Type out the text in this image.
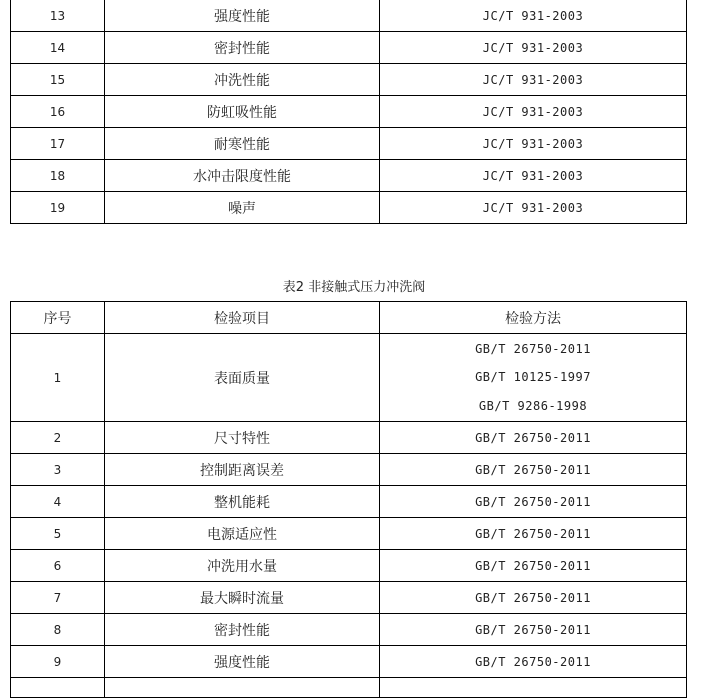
13	强度性能	JC/T 931-2003
14	密封性能	JC/T 931-2003
15	冲洗性能	JC/T 931-2003
16	防虹吸性能	JC/T 931-2003
17	耐寒性能	JC/T 931-2003
18	水冲击限度性能	JC/T 931-2003
19	噪声	JC/T 931-2003
表2 非接触式压力冲洗阀
序号	检验项目	检验方法
1	表面质量	GB/T 26750-2011
GB/T 10125-1997
GB/T 9286-1998

2	尺寸特性	GB/T 26750-2011
3	控制距离误差	GB/T 26750-2011
4	整机能耗	GB/T 26750-2011
5	电源适应性	GB/T 26750-2011
6	冲洗用水量	GB/T 26750-2011
7	最大瞬时流量	GB/T 26750-2011
8	密封性能	GB/T 26750-2011
9	强度性能	GB/T 26750-2011
